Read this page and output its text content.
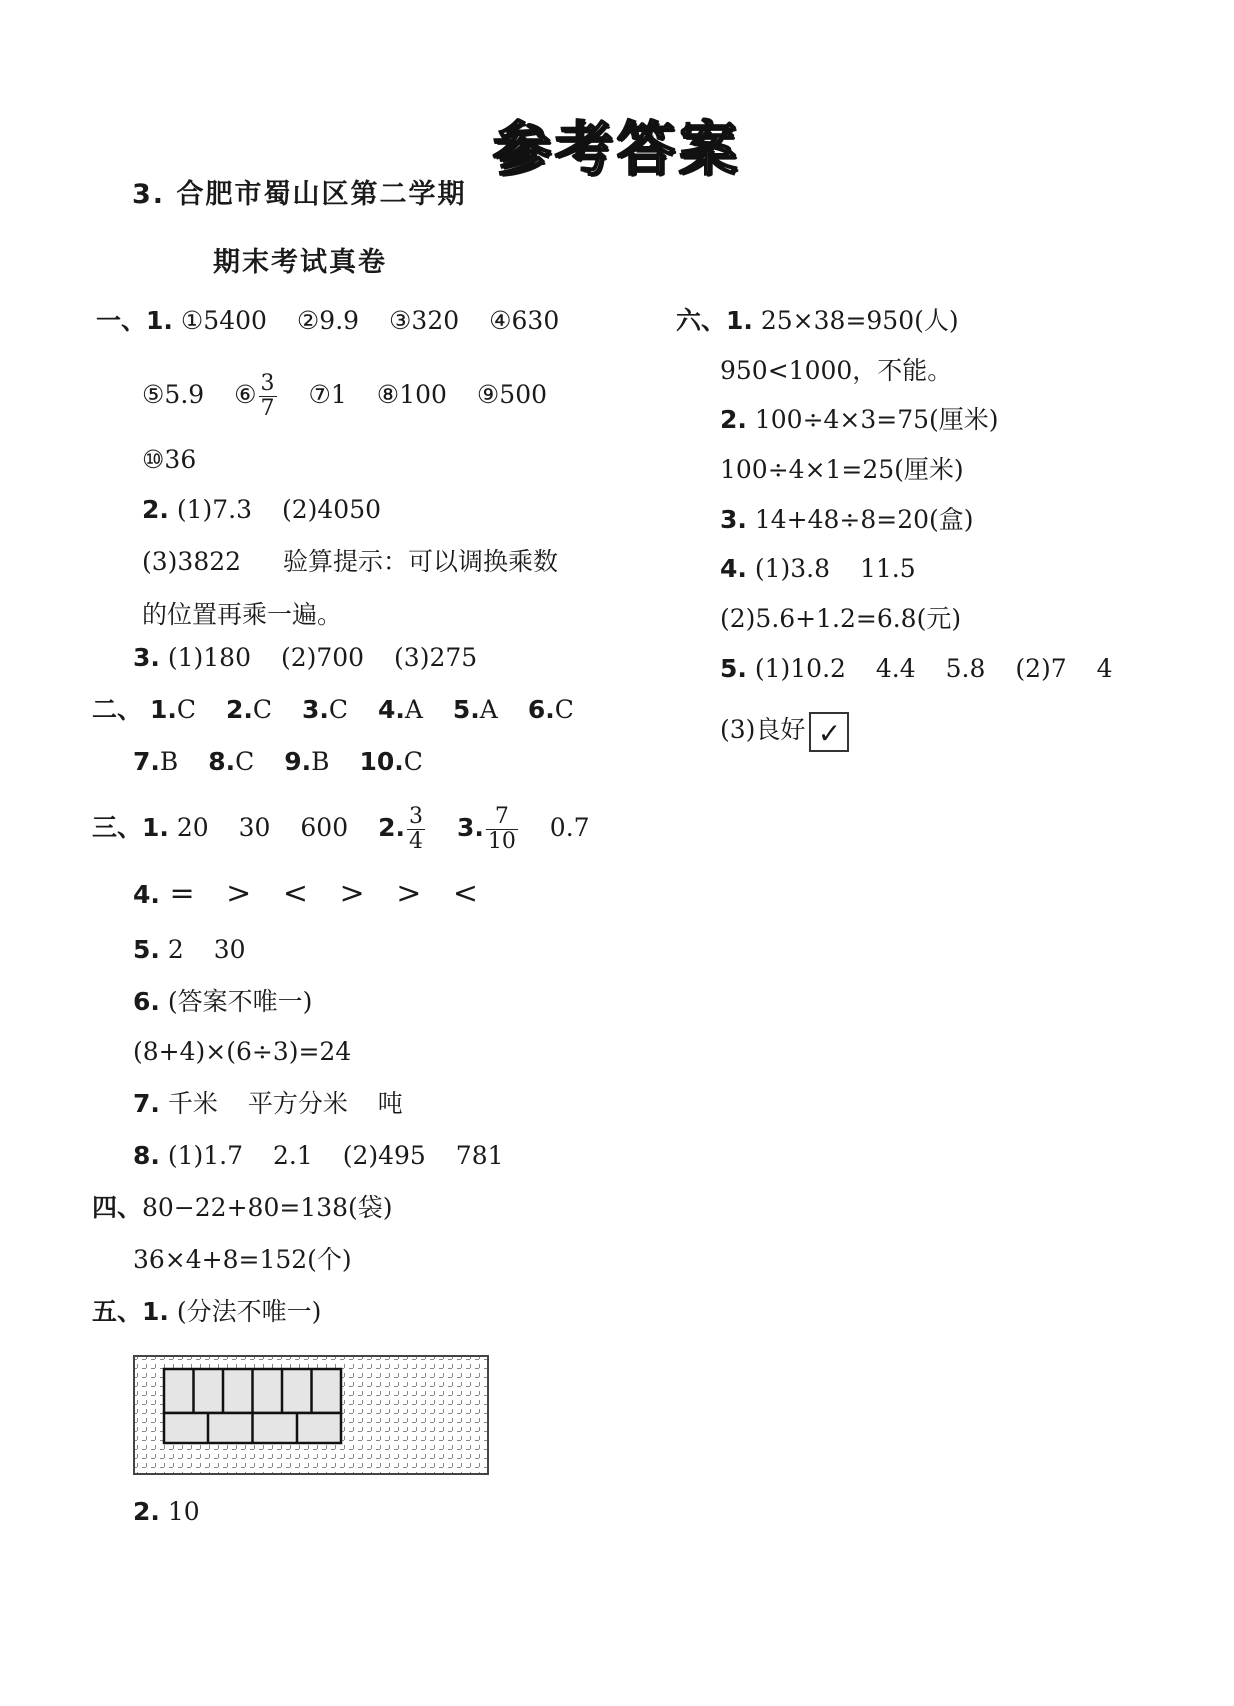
参考答案
3. 合肥市蜀山区第二学期
期末考试真卷
一、1. ①5400 ②9.9 ③320 ④630
⑤5.9 ⑥ $\frac{3}{7}$ ⑦1 ⑧100 ⑨500
⑩36
2. (1)7.3 (2)4050
(3)3822 验算提示：可以调换乘数
的位置再乘一遍。
3. (1)180 (2)700 (3)275
二、 1.C 2.C 3.C 4.A 5.A 6.C
7.B 8.C 9.B 10.C
三、1. 20 30 600 2. $\frac{3}{4} 3$. $\frac{7}{10} 0.7$
4. = > < > > <
5. 2 30
6. (答案不唯一)
(8+4)×(6÷3)=24
7. 千米 平方分米 吨
8. (1)1.7 2.1 (2)495 781
四、80−22+80=138(袋)
36×4+8=152(个)
五、1. (分法不唯一)
2. 10
六、1. 25×38=950(人)
950<1000，不能。
2. 100÷4×3=75(厘米)
100÷4×1=25(厘米)
3. 14+48÷8=20(盒)
4. (1)3.8 11.5
(2)5.6+1.2=6.8(元)
5. (1)10.2 4.4 5.8 (2)7 4
(3)良好 ✓
